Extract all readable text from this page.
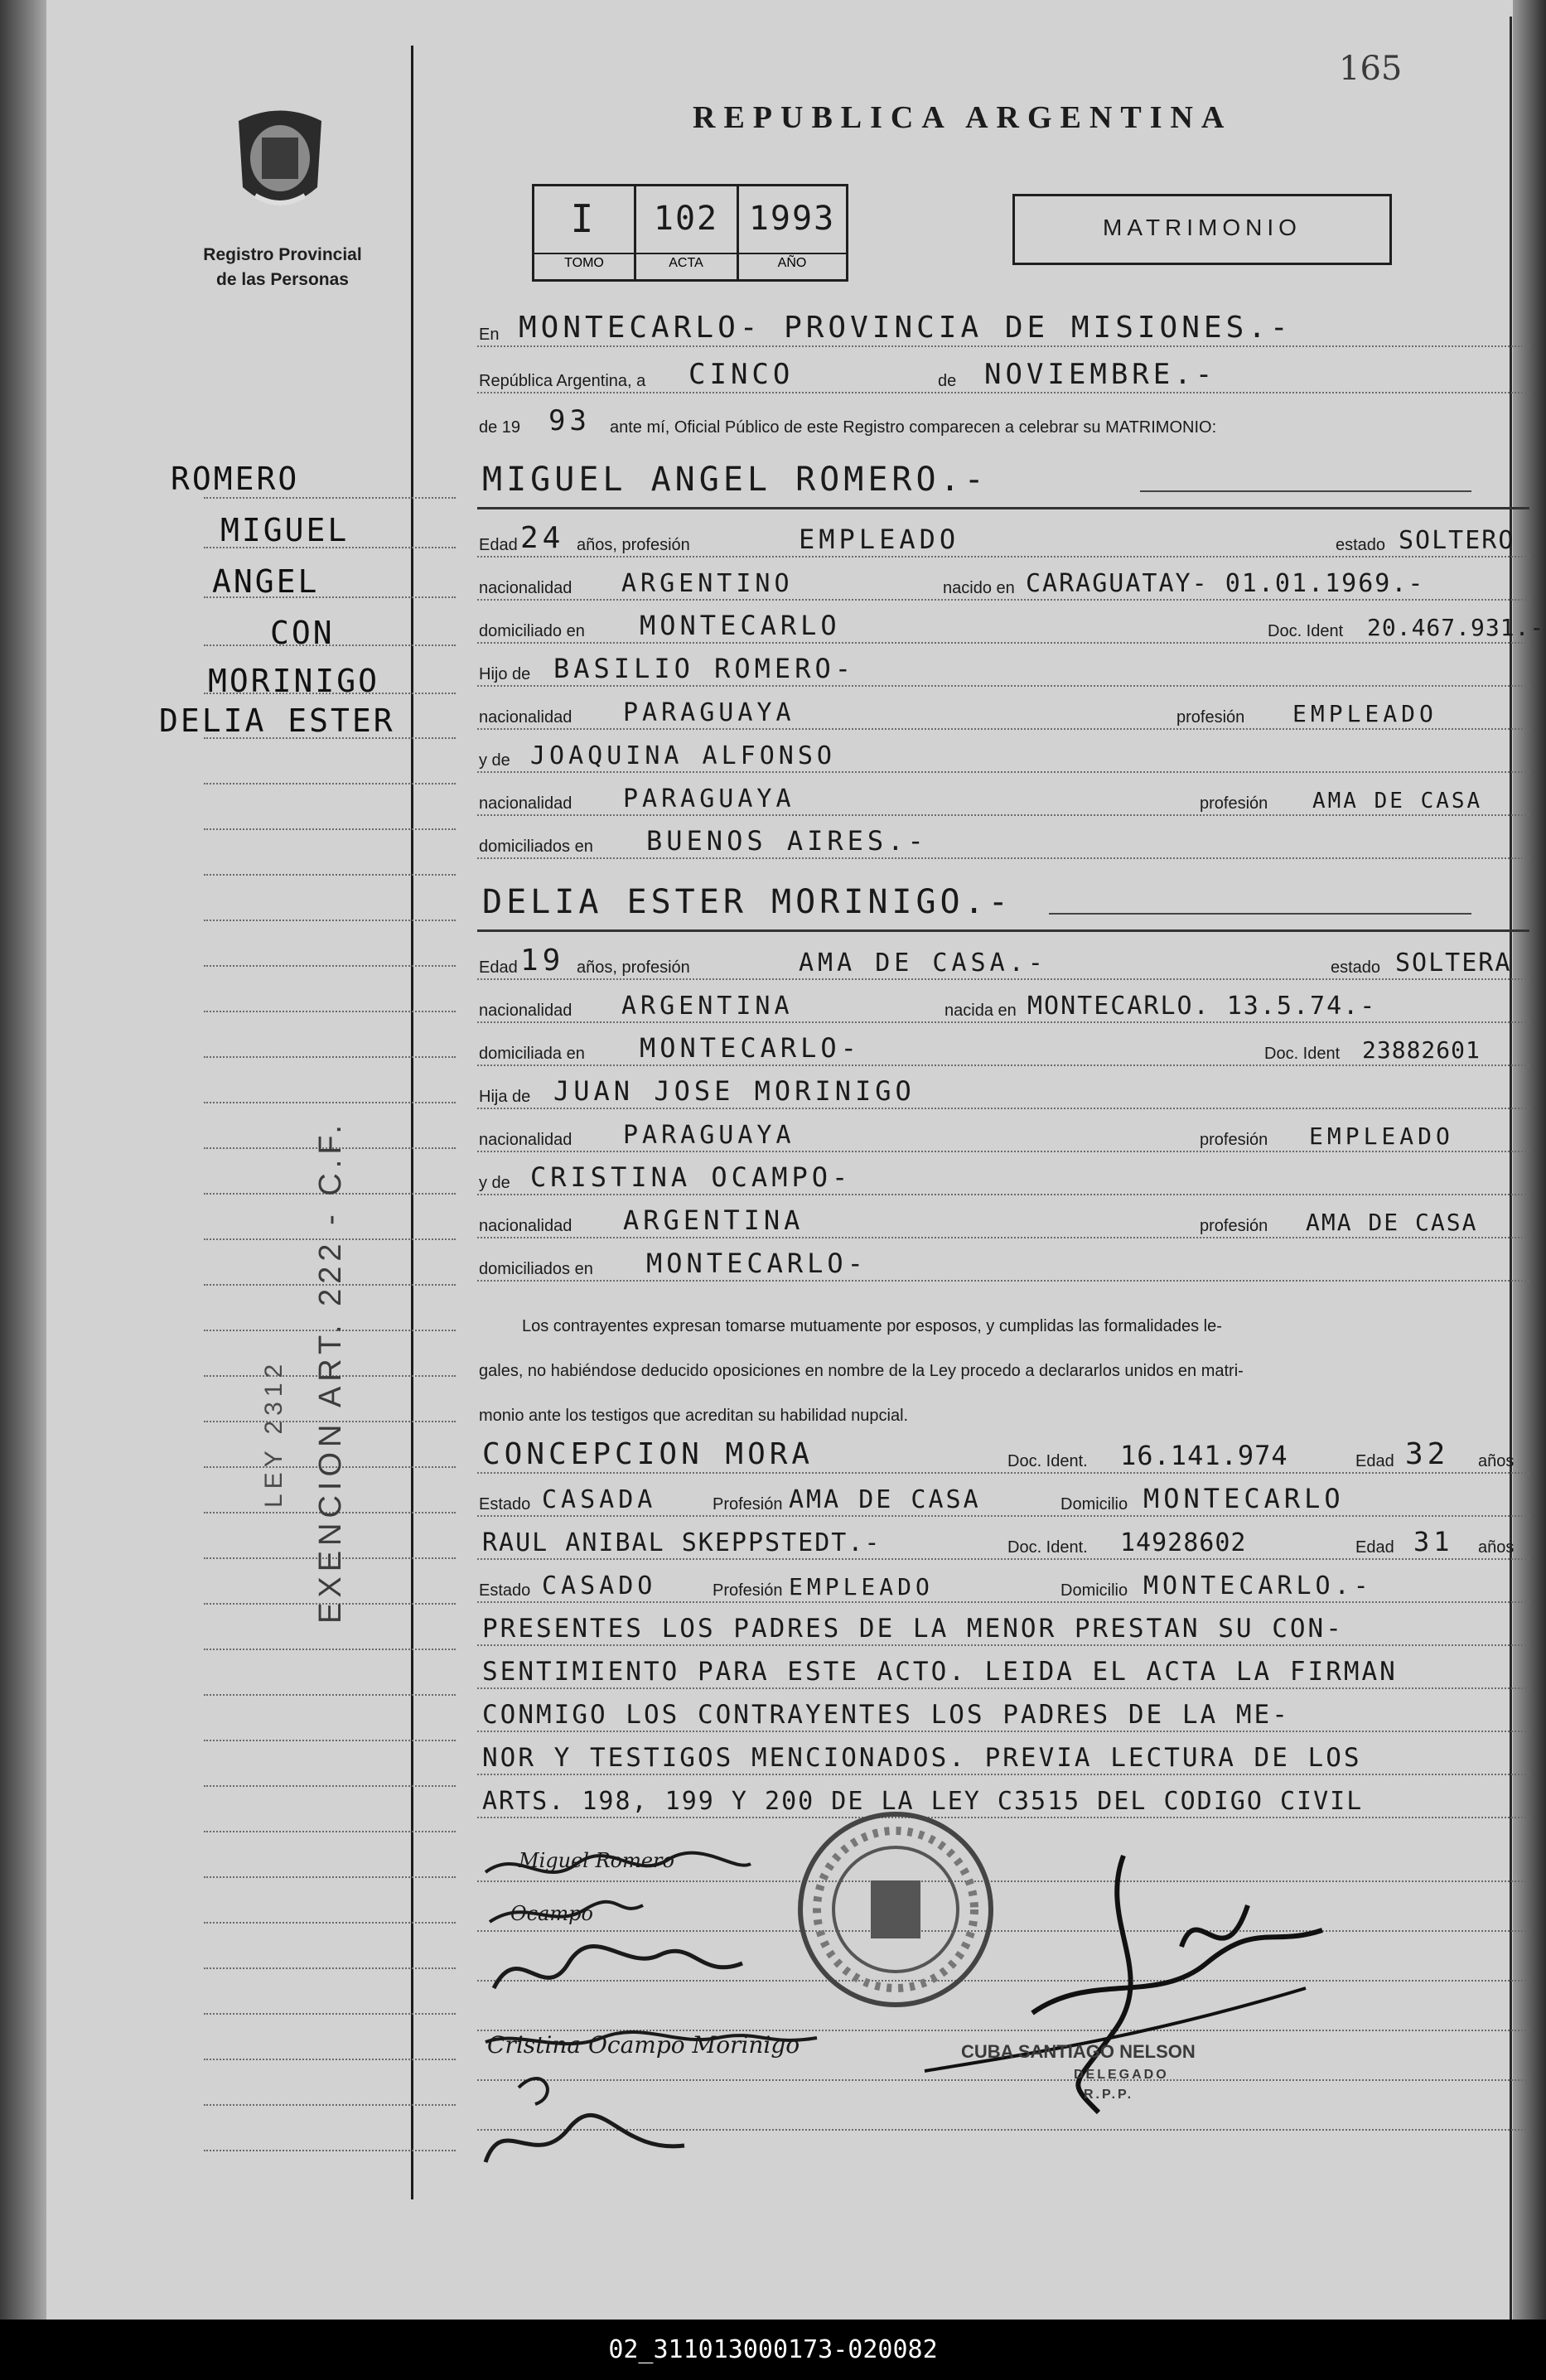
165
Registro Provincial
de las Personas
REPUBLICA ARGENTINA
I	102 1993
TOMO	ACTA	AÑO
MATRIMONIO
ROMERO
MIGUEL
ANGEL
CON
MORINIGO
DELIA ESTER
EXENCION ART. 222 - C.F.
LEY 2312
En MONTECARLO- PROVINCIA DE MISIONES.-
República Argentina, a CINCO	de NOVIEMBRE.-
de 19 93 ante mí, Oficial Público de este Registro comparecen a celebrar su MATRIMONIO:
MIGUEL ANGEL ROMERO.-
Edad 24 años, profesión	EMPLEADO	estado SOLTERO
nacionalidad ARGENTINO	nacido en CARAGUATAY- 01.01.1969.-
domiciliado en MONTECARLO	Doc. Ident 20.467.931.-
Hijo de BASILIO ROMERO-
nacionalidad PARAGUAYA	profesión EMPLEADO
y de JOAQUINA ALFONSO
nacionalidad PARAGUAYA	profesión AMA DE CASA
domiciliados en BUENOS AIRES.-
DELIA ESTER MORINIGO.-
Edad 19 años, profesión	AMA DE CASA.-	estado SOLTERA
nacionalidad ARGENTINA	nacida en MONTECARLO. 13.5.74.-
domiciliada en MONTECARLO-	Doc. Ident 23882601
Hija de JUAN JOSE MORINIGO
nacionalidad PARAGUAYA	profesión EMPLEADO
y de CRISTINA OCAMPO-
nacionalidad ARGENTINA	profesión AMA DE CASA
domiciliados en MONTECARLO-
Los contrayentes expresan tomarse mutuamente por esposos, y cumplidas las formalidades le-
gales, no habiéndose deducido oposiciones en nombre de la Ley procedo a declararlos unidos en matri-
monio ante los testigos que acreditan su habilidad nupcial.
CONCEPCION MORA	Doc. Ident. 16.141.974	Edad 32 años
Estado CASADA	Profesión AMA DE CASA	Domicilio MONTECARLO
RAUL ANIBAL SKEPPSTEDT.-	Doc. Ident. 14928602	Edad 31 años
Estado CASADO	Profesión EMPLEADO	Domicilio MONTECARLO.-
PRESENTES LOS PADRES DE LA MENOR PRESTAN SU CON-
SENTIMIENTO PARA ESTE ACTO. LEIDA EL ACTA LA FIRMAN
CONMIGO LOS CONTRAYENTES LOS PADRES DE LA ME-
NOR Y TESTIGOS MENCIONADOS. PREVIA LECTURA DE LOS
ARTS. 198, 199 Y 200 DE LA LEY C3515 DEL CODIGO CIVIL
Miguel Romero
Ocampo
Cristina Ocampo Morinigo	CUBA SANTIAGO NELSON
DELEGADO
R.P.P.
02_311013000173-020082
